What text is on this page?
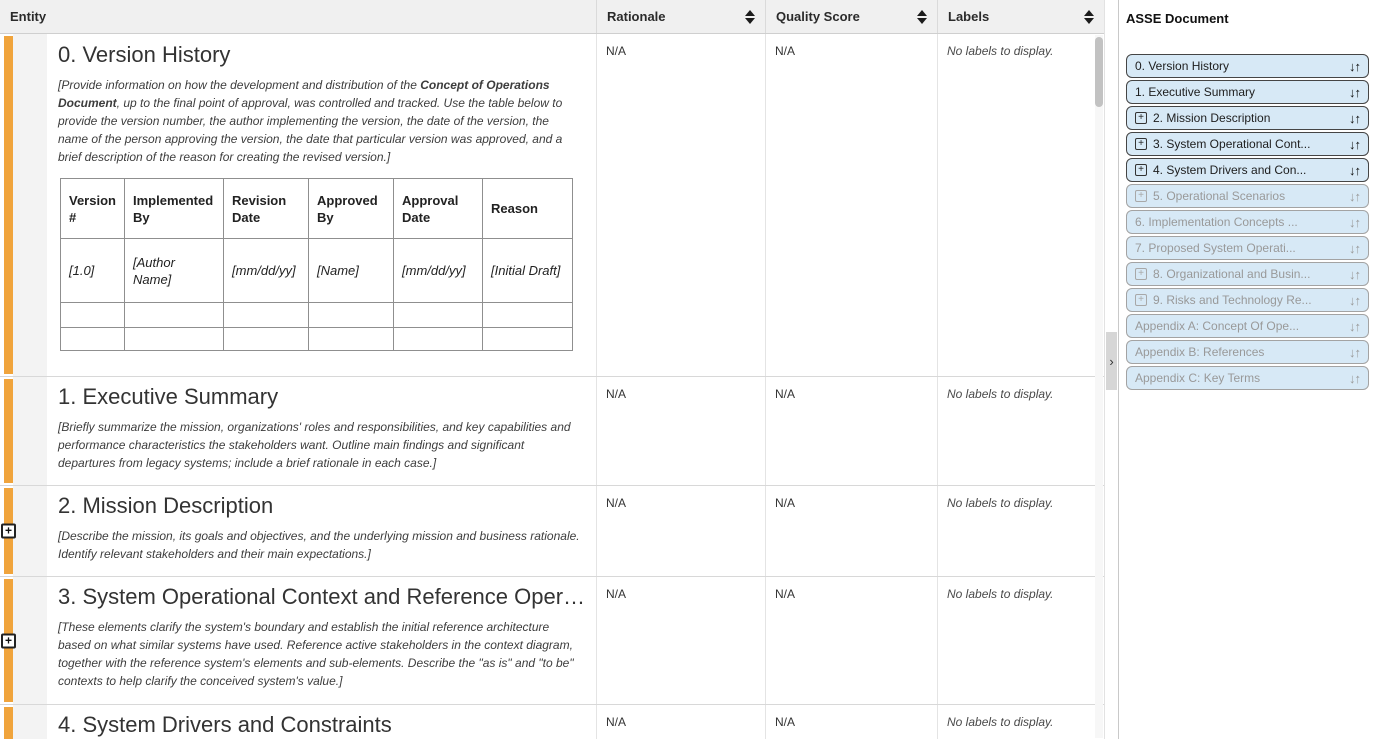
Entity	Rationale	Quality Score	Labels
0. Version History

[Provide information on how the development and distribution of the Concept of Operations Document, up to the final point of approval, was controlled and tracked. Use the table below to provide the version number, the author implementing the version, the date of the version, the name of the person approving the version, the date that particular version was approved, and a brief description of the reason for creating the revised version.]

Version #	Implemented By	Revision Date	Approved By	Approval Date	Reason
[1.0]	[Author Name]	[mm/dd/yy]	[Name]	[mm/dd/yy]	[Initial Draft]

N/A	N/A	No labels to display.
1. Executive Summary

[Briefly summarize the mission, organizations' roles and responsibilities, and key capabilities and performance characteristics the stakeholders want. Outline main findings and significant departures from legacy systems; include a brief rationale in each case.]

N/A	N/A	No labels to display.
+
2. Mission Description

[Describe the mission, its goals and objectives, and the underlying mission and business rationale. Identify relevant stakeholders and their main expectations.]

N/A	N/A	No labels to display.
+
3. System Operational Context and Reference Oper…

[These elements clarify the system's boundary and establish the initial reference architecture based on what similar systems have used. Reference active stakeholders in the context diagram, together with the reference system's elements and sub-elements. Describe the "as is" and "to be" contexts to help clarify the conceived system's value.]

N/A	N/A	No labels to display.
4. System Drivers and Constraints	N/A	N/A	No labels to display.
›
ASSE Document
0. Version History	↓↑
1. Executive Summary	↓↑
+ 2. Mission Description	↓↑
+ 3. System Operational Cont...	↓↑
+ 4. System Drivers and Con...	↓↑
+ 5. Operational Scenarios	↓↑
6. Implementation Concepts ...	↓↑
7. Proposed System Operati...	↓↑
+ 8. Organizational and Busin...	↓↑
+ 9. Risks and Technology Re...	↓↑
Appendix A: Concept Of Ope...	↓↑
Appendix B: References	↓↑
Appendix C: Key Terms	↓↑
